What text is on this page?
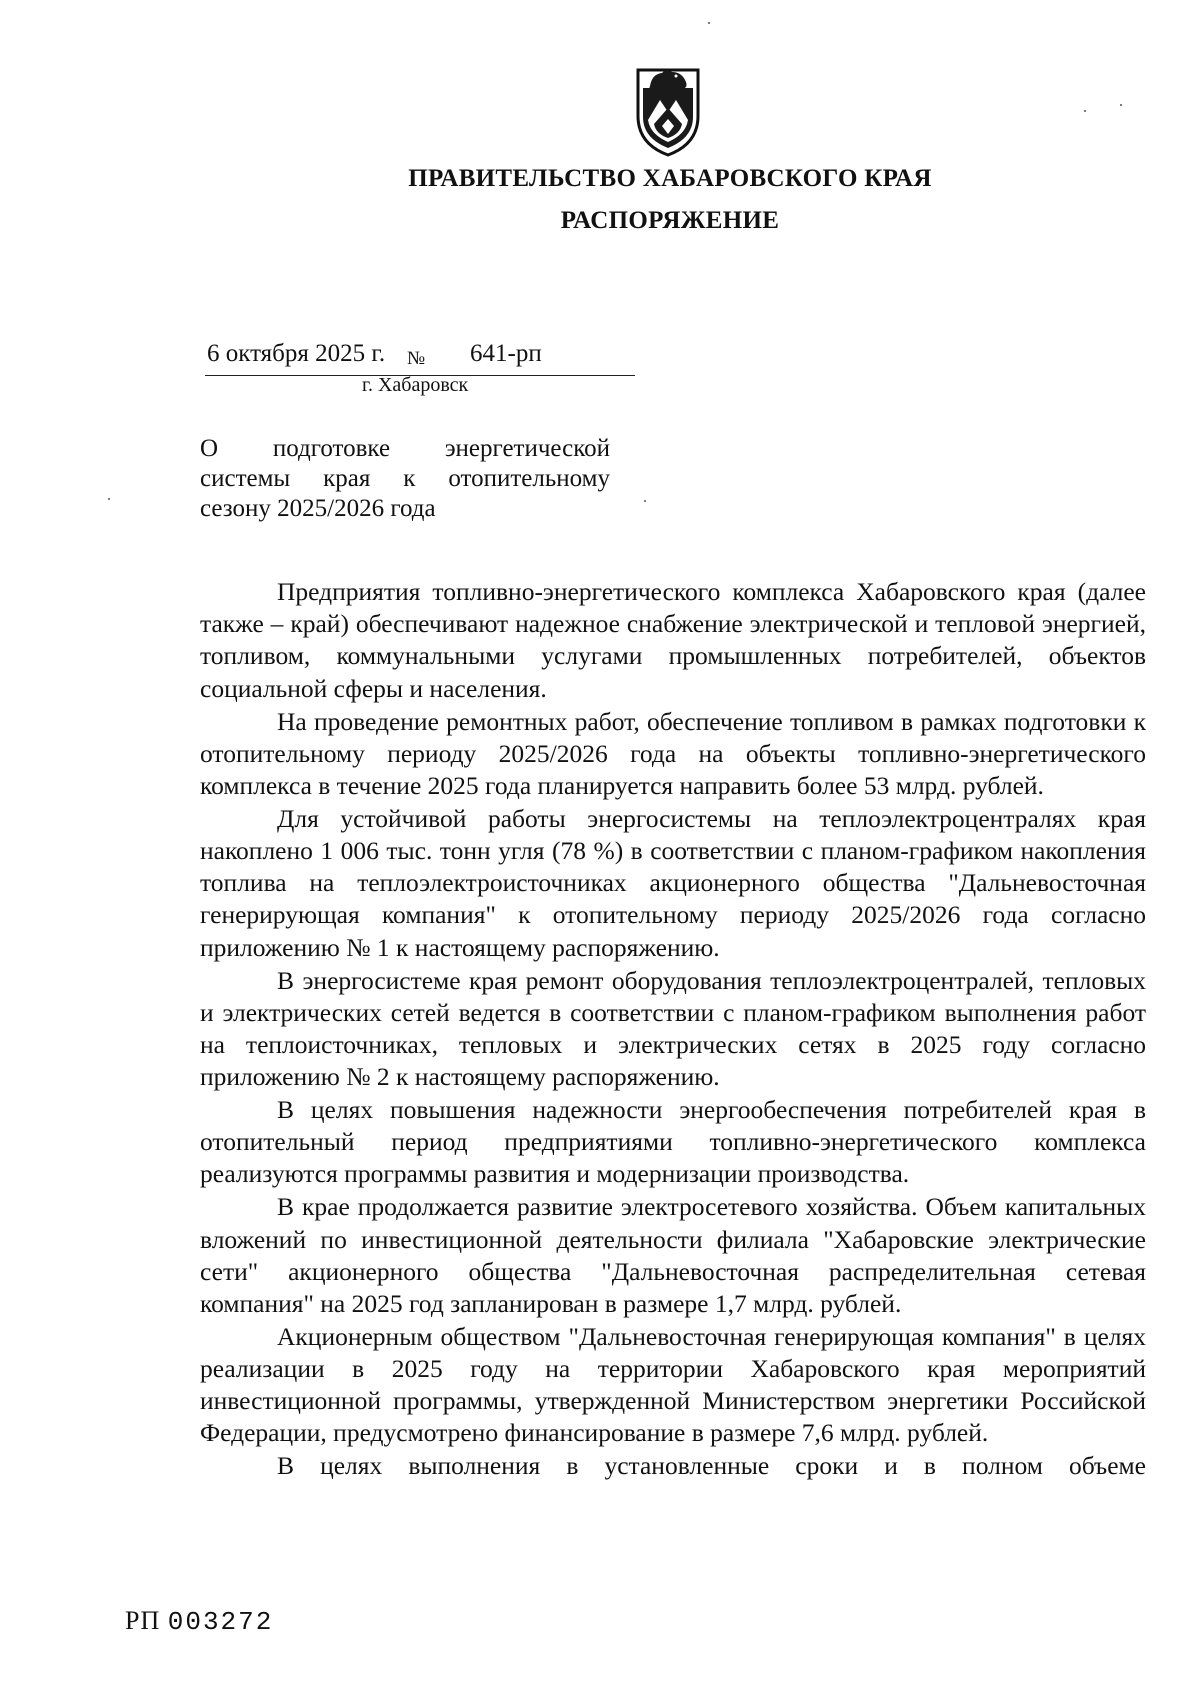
ПРАВИТЕЛЬСТВО ХАБАРОВСКОГО КРАЯ
РАСПОРЯЖЕНИЕ
6 октября 2025 г. № 641-рп
г. Хабаровск
О подготовке энергетической
системы края к отопительному
сезону 2025/2026 года

Предприятия топливно-энергетического комплекса Хабаровского края (далее также – край) обеспечивают надежное снабжение электрической и тепловой энергией, топливом, коммунальными услугами промышленных потребителей, объектов социальной сферы и населения.

На проведение ремонтных работ, обеспечение топливом в рамках подготовки к отопительному периоду 2025/2026 года на объекты топливно-энергетического комплекса в течение 2025 года планируется направить более 53 млрд. рублей.

Для устойчивой работы энергосистемы на теплоэлектроцентралях края накоплено 1 006 тыс. тонн угля (78 %) в соответствии с планом-графиком накопления топлива на теплоэлектроисточниках акционерного общества "Дальневосточная генерирующая компания" к отопительному периоду 2025/2026 года согласно приложению № 1 к настоящему распоряжению.

В энергосистеме края ремонт оборудования теплоэлектроцентралей, тепловых и электрических сетей ведется в соответствии с планом-графиком выполнения работ на теплоисточниках, тепловых и электрических сетях в 2025 году согласно приложению № 2 к настоящему распоряжению.

В целях повышения надежности энергообеспечения потребителей края в отопительный период предприятиями топливно-энергетического комплекса реализуются программы развития и модернизации производства.

В крае продолжается развитие электросетевого хозяйства. Объем капитальных вложений по инвестиционной деятельности филиала "Хабаровские электрические сети" акционерного общества "Дальневосточная распределительная сетевая компания" на 2025 год запланирован в размере 1,7 млрд. рублей.

Акционерным обществом "Дальневосточная генерирующая компания" в целях реализации в 2025 году на территории Хабаровского края мероприятий инвестиционной программы, утвержденной Министерством энергетики Российской Федерации, предусмотрено финансирование в размере 7,6 млрд. рублей.

В целях выполнения в установленные сроки и в полном объеме

РП 003272
